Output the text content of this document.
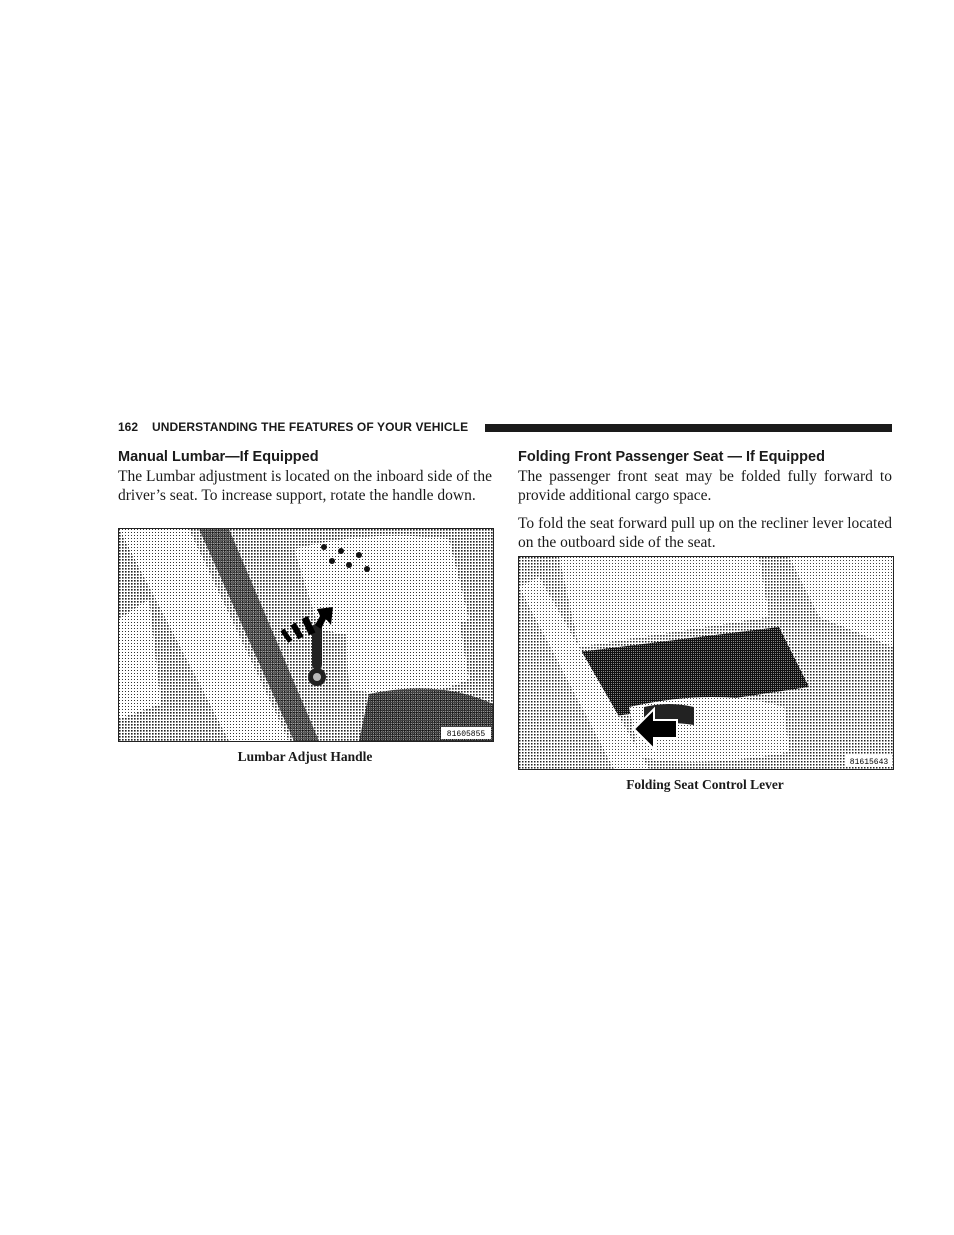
162 UNDERSTANDING THE FEATURES OF YOUR VEHICLE
Manual Lumbar—If Equipped

The Lumbar adjustment is located on the inboard side of the driver’s seat. To increase support, rotate the handle down.

Folding Front Passenger Seat — If Equipped

The passenger front seat may be folded fully forward to provide additional cargo space.

To fold the seat forward pull up on the recliner lever located on the outboard side of the seat.

81605855
Lumbar Adjust Handle	81615643
Folding Seat Control Lever
